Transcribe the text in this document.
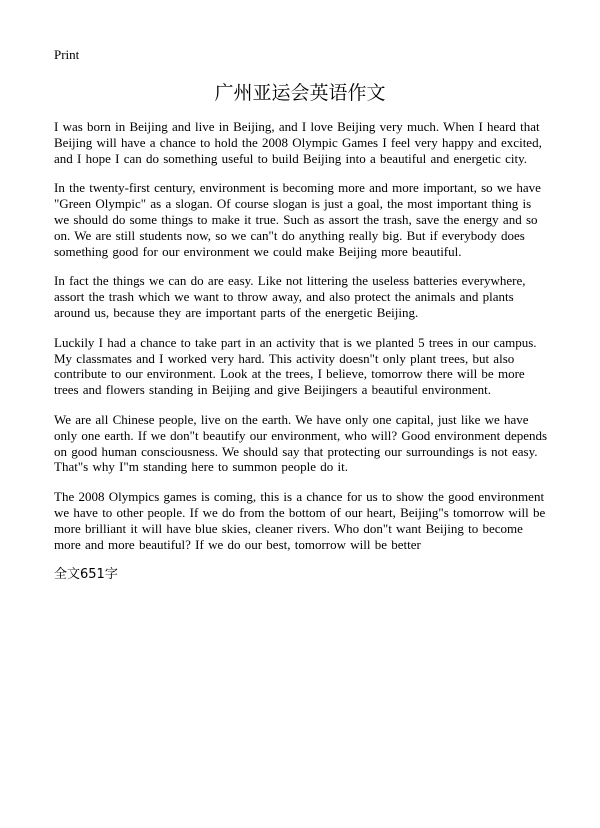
Print
广州亚运会英语作文

I was born in Beijing and live in Beijing, and I love Beijing very much. When I heard that Beijing will have a chance to hold the 2008 Olympic Games I feel very happy and excited, and I hope I can do something useful to build Beijing into a beautiful and energetic city.

In the twenty-first century, environment is becoming more and more important, so we have "Green Olympic" as a slogan. Of course slogan is just a goal, the most important thing is we should do some things to make it true. Such as assort the trash, save the energy and so on. We are still students now, so we can"t do anything really big. But if everybody does something good for our environment we could make Beijing more beautiful.

In fact the things we can do are easy. Like not littering the useless batteries everywhere, assort the trash which we want to throw away, and also protect the animals and plants around us, because they are important parts of the energetic Beijing.

Luckily I had a chance to take part in an activity that is we planted 5 trees in our campus. My classmates and I worked very hard. This activity doesn"t only plant trees, but also contribute to our environment. Look at the trees, I believe, tomorrow there will be more trees and flowers standing in Beijing and give Beijingers a beautiful environment.

We are all Chinese people, live on the earth. We have only one capital, just like we have only one earth. If we don"t beautify our environment, who will? Good environment depends on good human consciousness. We should say that protecting our surroundings is not easy. That"s why I"m standing here to summon people do it.

The 2008 Olympics games is coming, this is a chance for us to show the good environment we have to other people. If we do from the bottom of our heart, Beijing"s tomorrow will be more brilliant it will have blue skies, cleaner rivers. Who don"t want Beijing to become more and more beautiful? If we do our best, tomorrow will be better

全文651字
